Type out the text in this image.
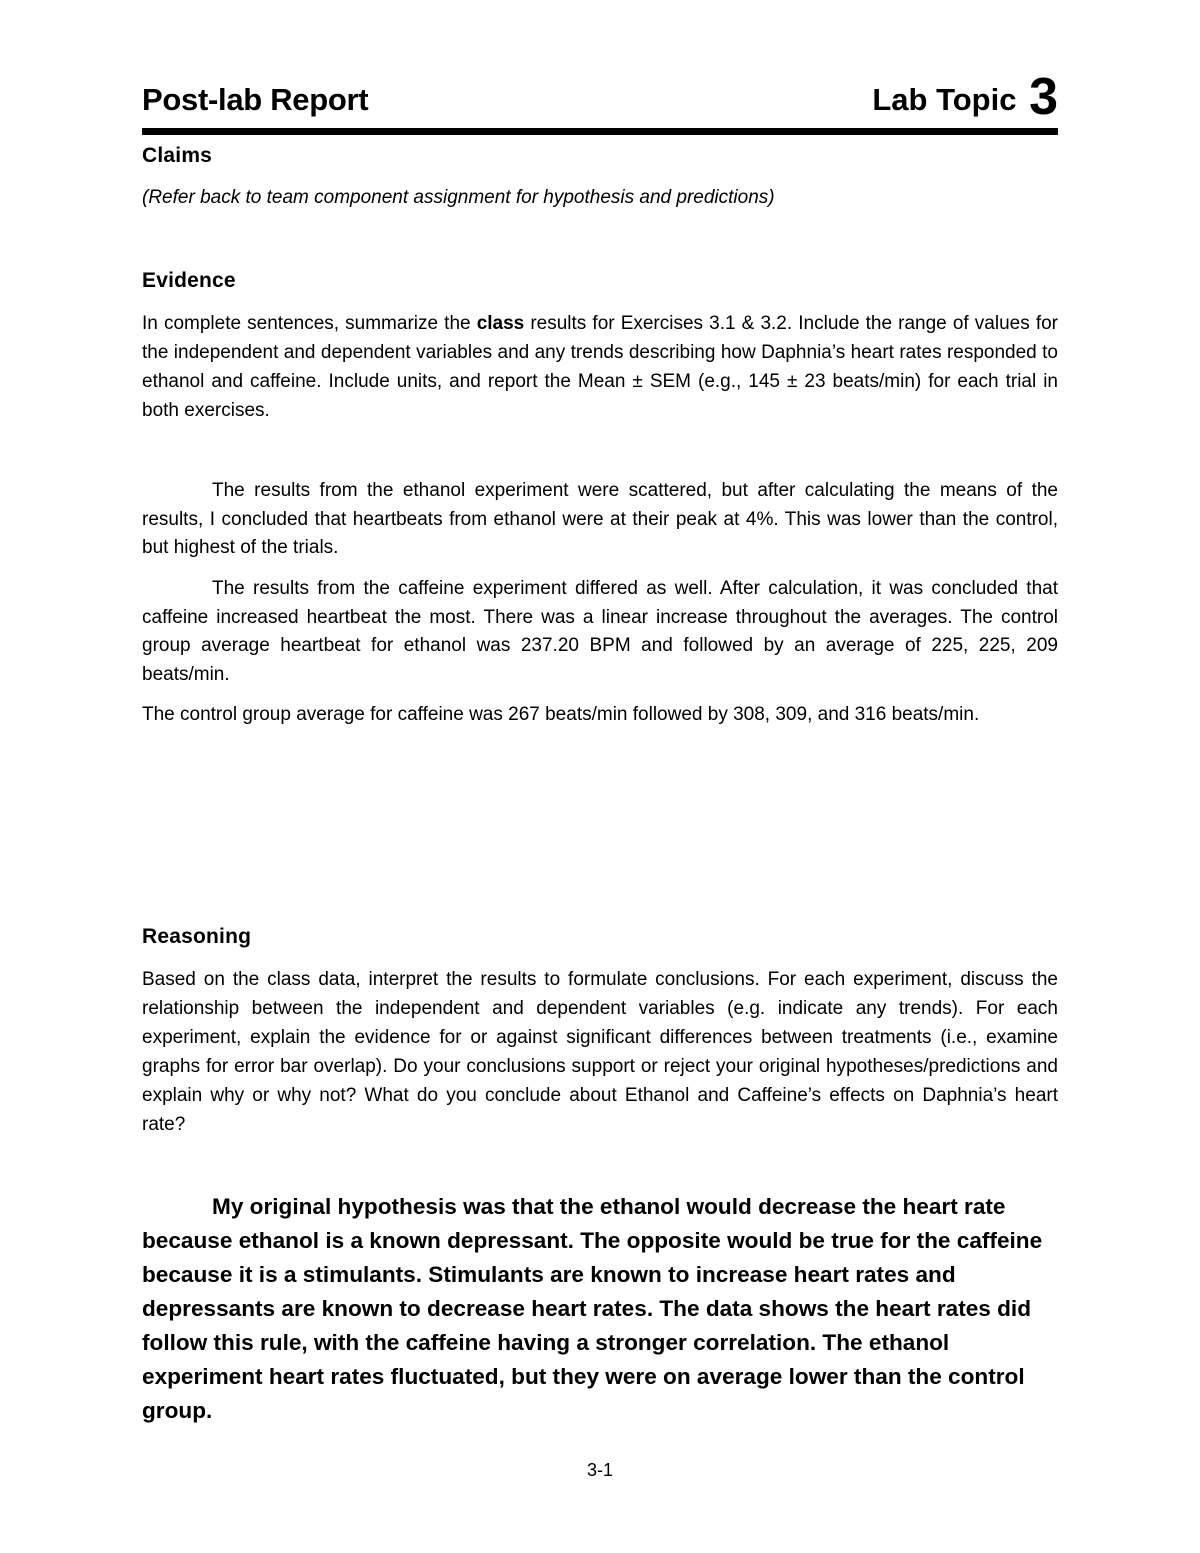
Post-lab Report	Lab Topic 3
Claims
(Refer back to team component assignment for hypothesis and predictions)
Evidence
In complete sentences, summarize the class results for Exercises 3.1 & 3.2. Include the range of values for the independent and dependent variables and any trends describing how Daphnia’s heart rates responded to ethanol and caffeine. Include units, and report the Mean ± SEM (e.g., 145 ± 23 beats/min) for each trial in both exercises.
The results from the ethanol experiment were scattered, but after calculating the means of the results, I concluded that heartbeats from ethanol were at their peak at 4%. This was lower than the control, but highest of the trials.
The results from the caffeine experiment differed as well. After calculation, it was concluded that caffeine increased heartbeat the most. There was a linear increase throughout the averages. The control group average heartbeat for ethanol was 237.20 BPM and followed by an average of 225, 225, 209 beats/min.
The control group average for caffeine was 267 beats/min followed by 308, 309, and 316 beats/min.
Reasoning
Based on the class data, interpret the results to formulate conclusions. For each experiment, discuss the relationship between the independent and dependent variables (e.g. indicate any trends). For each experiment, explain the evidence for or against significant differences between treatments (i.e., examine graphs for error bar overlap). Do your conclusions support or reject your original hypotheses/predictions and explain why or why not? What do you conclude about Ethanol and Caffeine’s effects on Daphnia’s heart rate?
My original hypothesis was that the ethanol would decrease the heart rate because ethanol is a known depressant. The opposite would be true for the caffeine because it is a stimulants. Stimulants are known to increase heart rates and depressants are known to decrease heart rates. The data shows the heart rates did follow this rule, with the caffeine having a stronger correlation. The ethanol experiment heart rates fluctuated, but they were on average lower than the control group.
3-1
